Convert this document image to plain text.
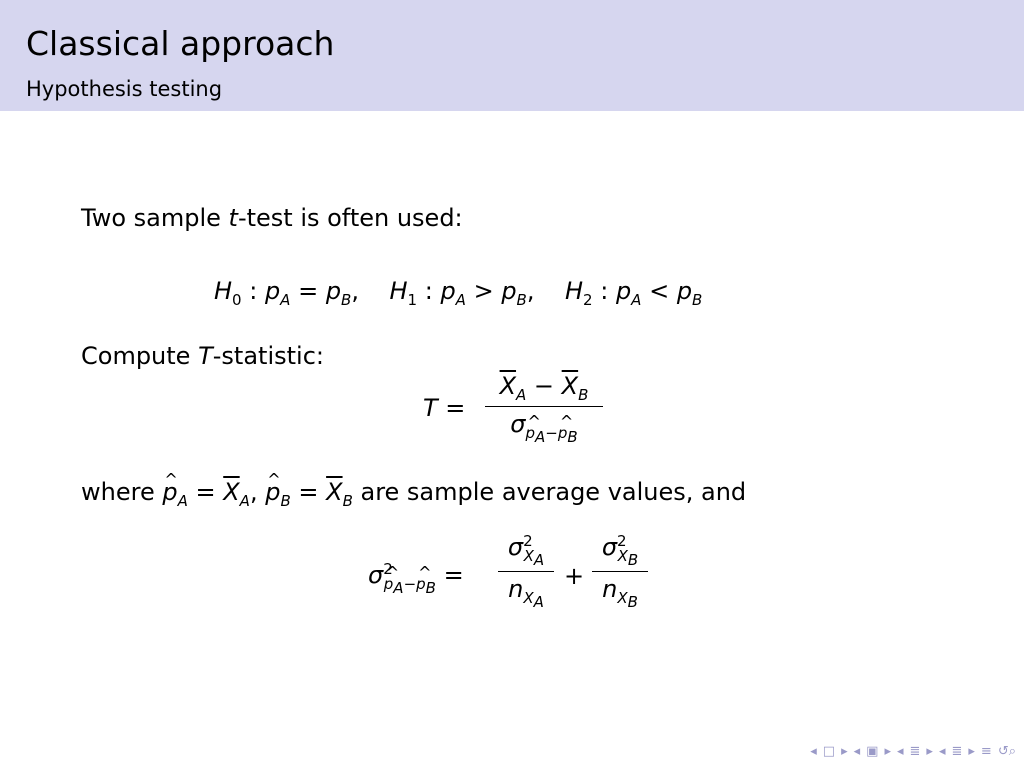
Classical approach
Hypothesis testing
Two sample t-test is often used:
$H_0$ : $p_A = p_B$,    $H_1$ : $p_A > p_B$,    $H_2$ : $p_A < p_B$
Compute T-statistic:
T =
$\overline{X}_A - \overline{X}_B$
σ^ $_{p_A-\^{} p_B}$
where ^ $p_A = \overline{X}_A$, ^ $p_B = \overline{X}_B$ are sample average values, and
$\sigma^2\^{}$ $_{p_A-\^{} p_B}$ =
$\sigma^2_{X_A}$
$n_{X_A}$
+
$\sigma^2_{X_B}$
$n_{X_B}$
◂ □ ▸ ◂ ▣ ▸ ◂ ≣ ▸ ◂ ≣ ▸ ≡ ↺⌕
